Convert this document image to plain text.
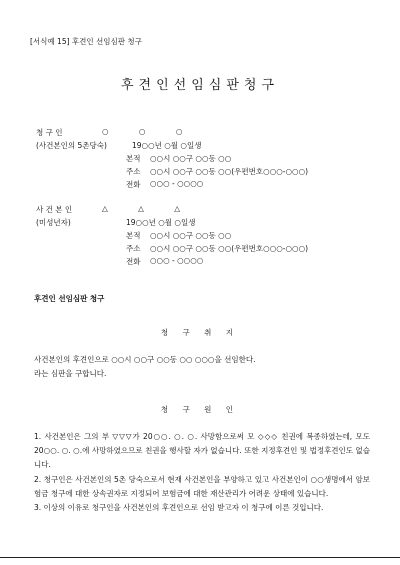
[서식예 15] 후견인 선임심판 청구
후견인선임심판청구
청 구 인	○ ○ ○
(사건본인의 5촌당숙)	19○○년 ○월 ○일생
본적 ○○시 ○○구 ○○동 ○○
주소 ○○시 ○○구 ○○동 ○○(우편번호○○○-○○○)
전화 ○○○ - ○○○○
사 건 본 인	△ △ △
(미성년자)	19○○년 ○월 ○일생
본적 ○○시 ○○구 ○○동 ○○
주소 ○○시 ○○구 ○○동 ○○(우편번호○○○-○○○)
전화 ○○○ - ○○○○
후견인 선임심판 청구
청 구 취 지
사건본인의 후견인으로 ○○시 ○○구 ○○동 ○○ ○○○을 선임한다.
라는 심판을 구합니다.
청 구 원 인

1. 사건본인은 그의 부 ▽▽▽가 20○○. ○. ○. 사망함으로써 모 ◇◇◇ 친권에 복종하였는데, 모도 20○○. ○. ○.에 사망하였으므로 친권을 행사할 자가 없습니다. 또한 지정후견인 및 법정후견인도 없습니다.

2. 청구인은 사건본인의 5촌 당숙으로서 현재 사건본인을 부양하고 있고 사건본인이 ○○생명에서 암보험금 청구에 대한 상속권자로 지정되어 보험금에 대한 재산관리가 어려운 상태에 있습니다.

3. 이상의 이유로 청구인을 사건본인의 후견인으로 선임 받고자 이 청구에 이른 것입니다.
